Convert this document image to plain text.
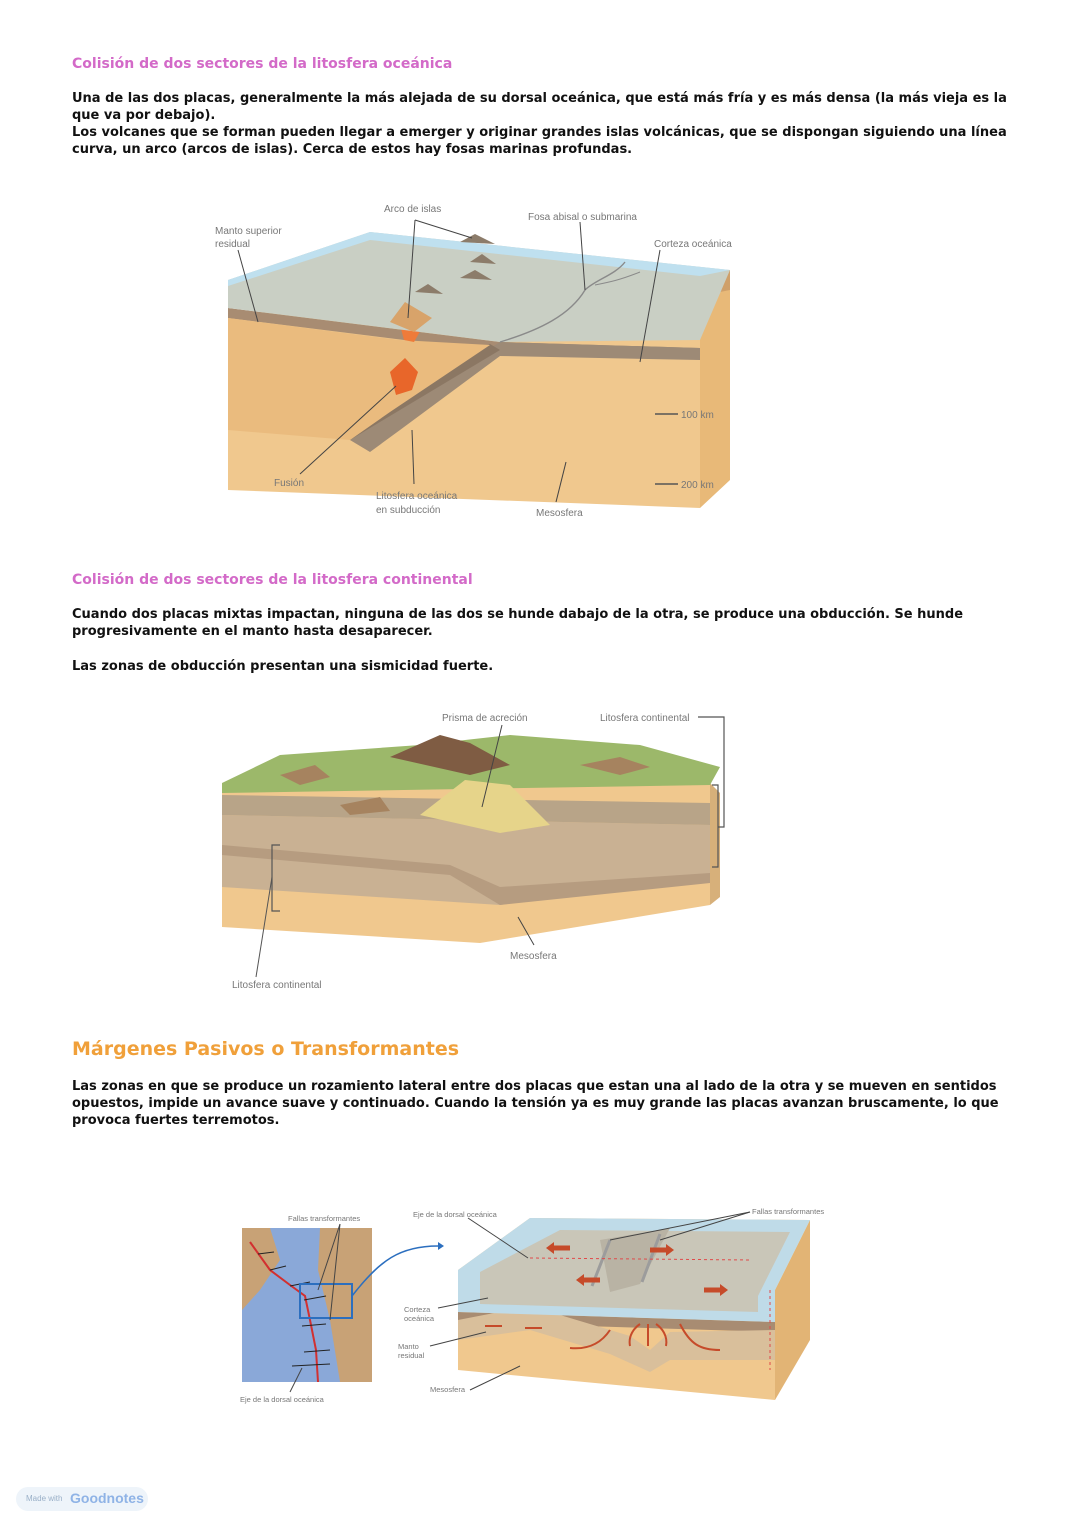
Colisión de dos sectores de la litosfera oceánica
Una de las dos placas, generalmente la más alejada de su dorsal oceánica, que está más fría y es más densa (la más vieja es la que va por debajo).
Los volcanes que se forman pueden llegar a emerger y originar grandes islas volcánicas, que se dispongan siguiendo una línea curva, un arco (arcos de islas). Cerca de estos hay fosas marinas profundas.
Manto superior
residual
Arco de islas
Fosa abisal o submarina
Corteza oceánica
100 km
200 km
Fusión
Litosfera oceánica
en subducción	Mesosfera
Colisión de dos sectores de la litosfera continental
Cuando dos placas mixtas impactan, ninguna de las dos se hunde dabajo de la otra, se produce una obducción. Se hunde progresivamente en el manto hasta desaparecer.
Las zonas de obducción presentan una sismicidad fuerte.
Prisma de acreción	Litosfera continental
Mesosfera
Litosfera continental
Márgenes Pasivos o Transformantes
Las zonas en que se produce un rozamiento lateral entre dos placas que estan una al lado de la otra y se mueven en sentidos opuestos, impide un avance suave y continuado. Cuando la tensión ya es muy grande las placas avanzan bruscamente, lo que provoca fuertes terremotos.
Fallas transformantes
Eje de la dorsal oceánica
Eje de la dorsal oceánica	Fallas transformantes
Corteza
oceánica
Manto
residual
Mesosfera
Made with Goodnotes
